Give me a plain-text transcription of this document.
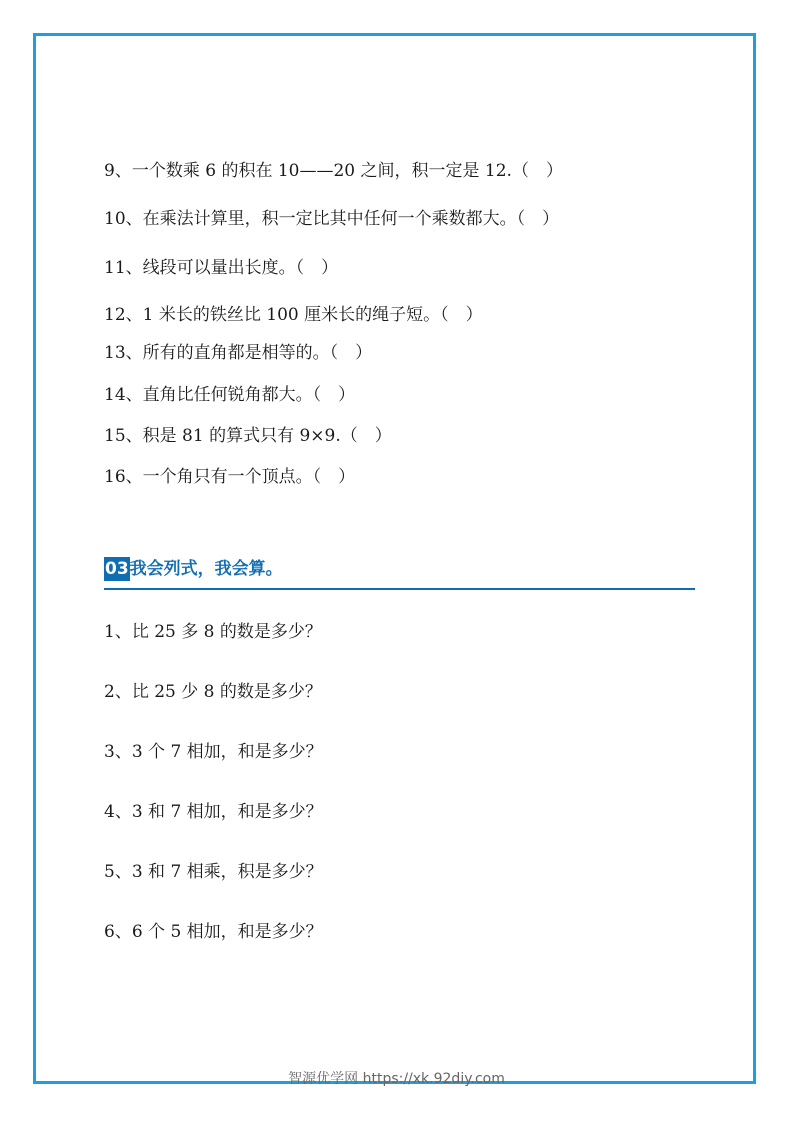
9、一个数乘 6 的积在 10——20 之间，积一定是 12.（　）
10、在乘法计算里，积一定比其中任何一个乘数都大。（　）
11、线段可以量出长度。（　）
12、1 米长的铁丝比 100 厘米长的绳子短。（　）
13、所有的直角都是相等的。（　）
14、直角比任何锐角都大。（　）
15、积是 81 的算式只有 9×9.（　）
16、一个角只有一个顶点。（　）
03 我会列式，我会算。
1、比 25 多 8 的数是多少？
2、比 25 少 8 的数是多少？
3、3 个 7 相加，和是多少？
4、3 和 7 相加，和是多少？
5、3 和 7 相乘，积是多少？
6、6 个 5 相加，和是多少？
智源优学网 https://xk.92diy.com
